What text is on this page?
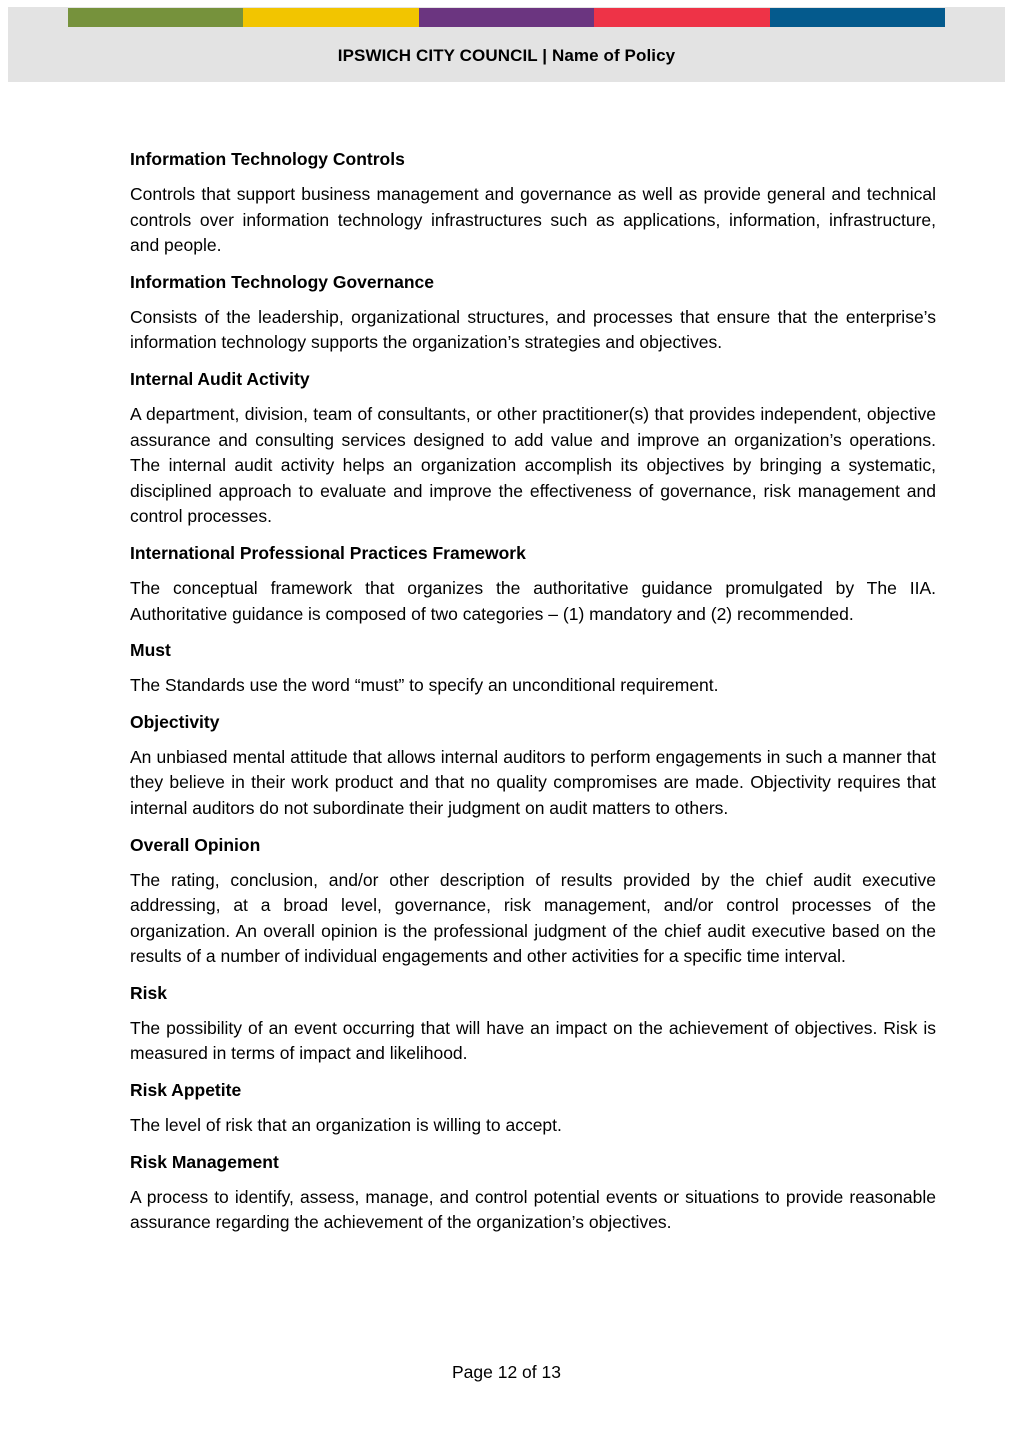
IPSWICH CITY COUNCIL | Name of Policy
Information Technology Controls
Controls that support business management and governance as well as provide general and technical controls over information technology infrastructures such as applications, information, infrastructure, and people.
Information Technology Governance
Consists of the leadership, organizational structures, and processes that ensure that the enterprise’s information technology supports the organization’s strategies and objectives.
Internal Audit Activity
A department, division, team of consultants, or other practitioner(s) that provides independent, objective assurance and consulting services designed to add value and improve an organization’s operations. The internal audit activity helps an organization accomplish its objectives by bringing a systematic, disciplined approach to evaluate and improve the effectiveness of governance, risk management and control processes.
International Professional Practices Framework
The conceptual framework that organizes the authoritative guidance promulgated by The IIA. Authoritative guidance is composed of two categories – (1) mandatory and (2) recommended.
Must
The Standards use the word “must” to specify an unconditional requirement.
Objectivity
An unbiased mental attitude that allows internal auditors to perform engagements in such a manner that they believe in their work product and that no quality compromises are made. Objectivity requires that internal auditors do not subordinate their judgment on audit matters to others.
Overall Opinion
The rating, conclusion, and/or other description of results provided by the chief audit executive addressing, at a broad level, governance, risk management, and/or control processes of the organization. An overall opinion is the professional judgment of the chief audit executive based on the results of a number of individual engagements and other activities for a specific time interval.
Risk
The possibility of an event occurring that will have an impact on the achievement of objectives. Risk is measured in terms of impact and likelihood.
Risk Appetite
The level of risk that an organization is willing to accept.
Risk Management
A process to identify, assess, manage, and control potential events or situations to provide reasonable assurance regarding the achievement of the organization’s objectives.
Page 12 of 13
